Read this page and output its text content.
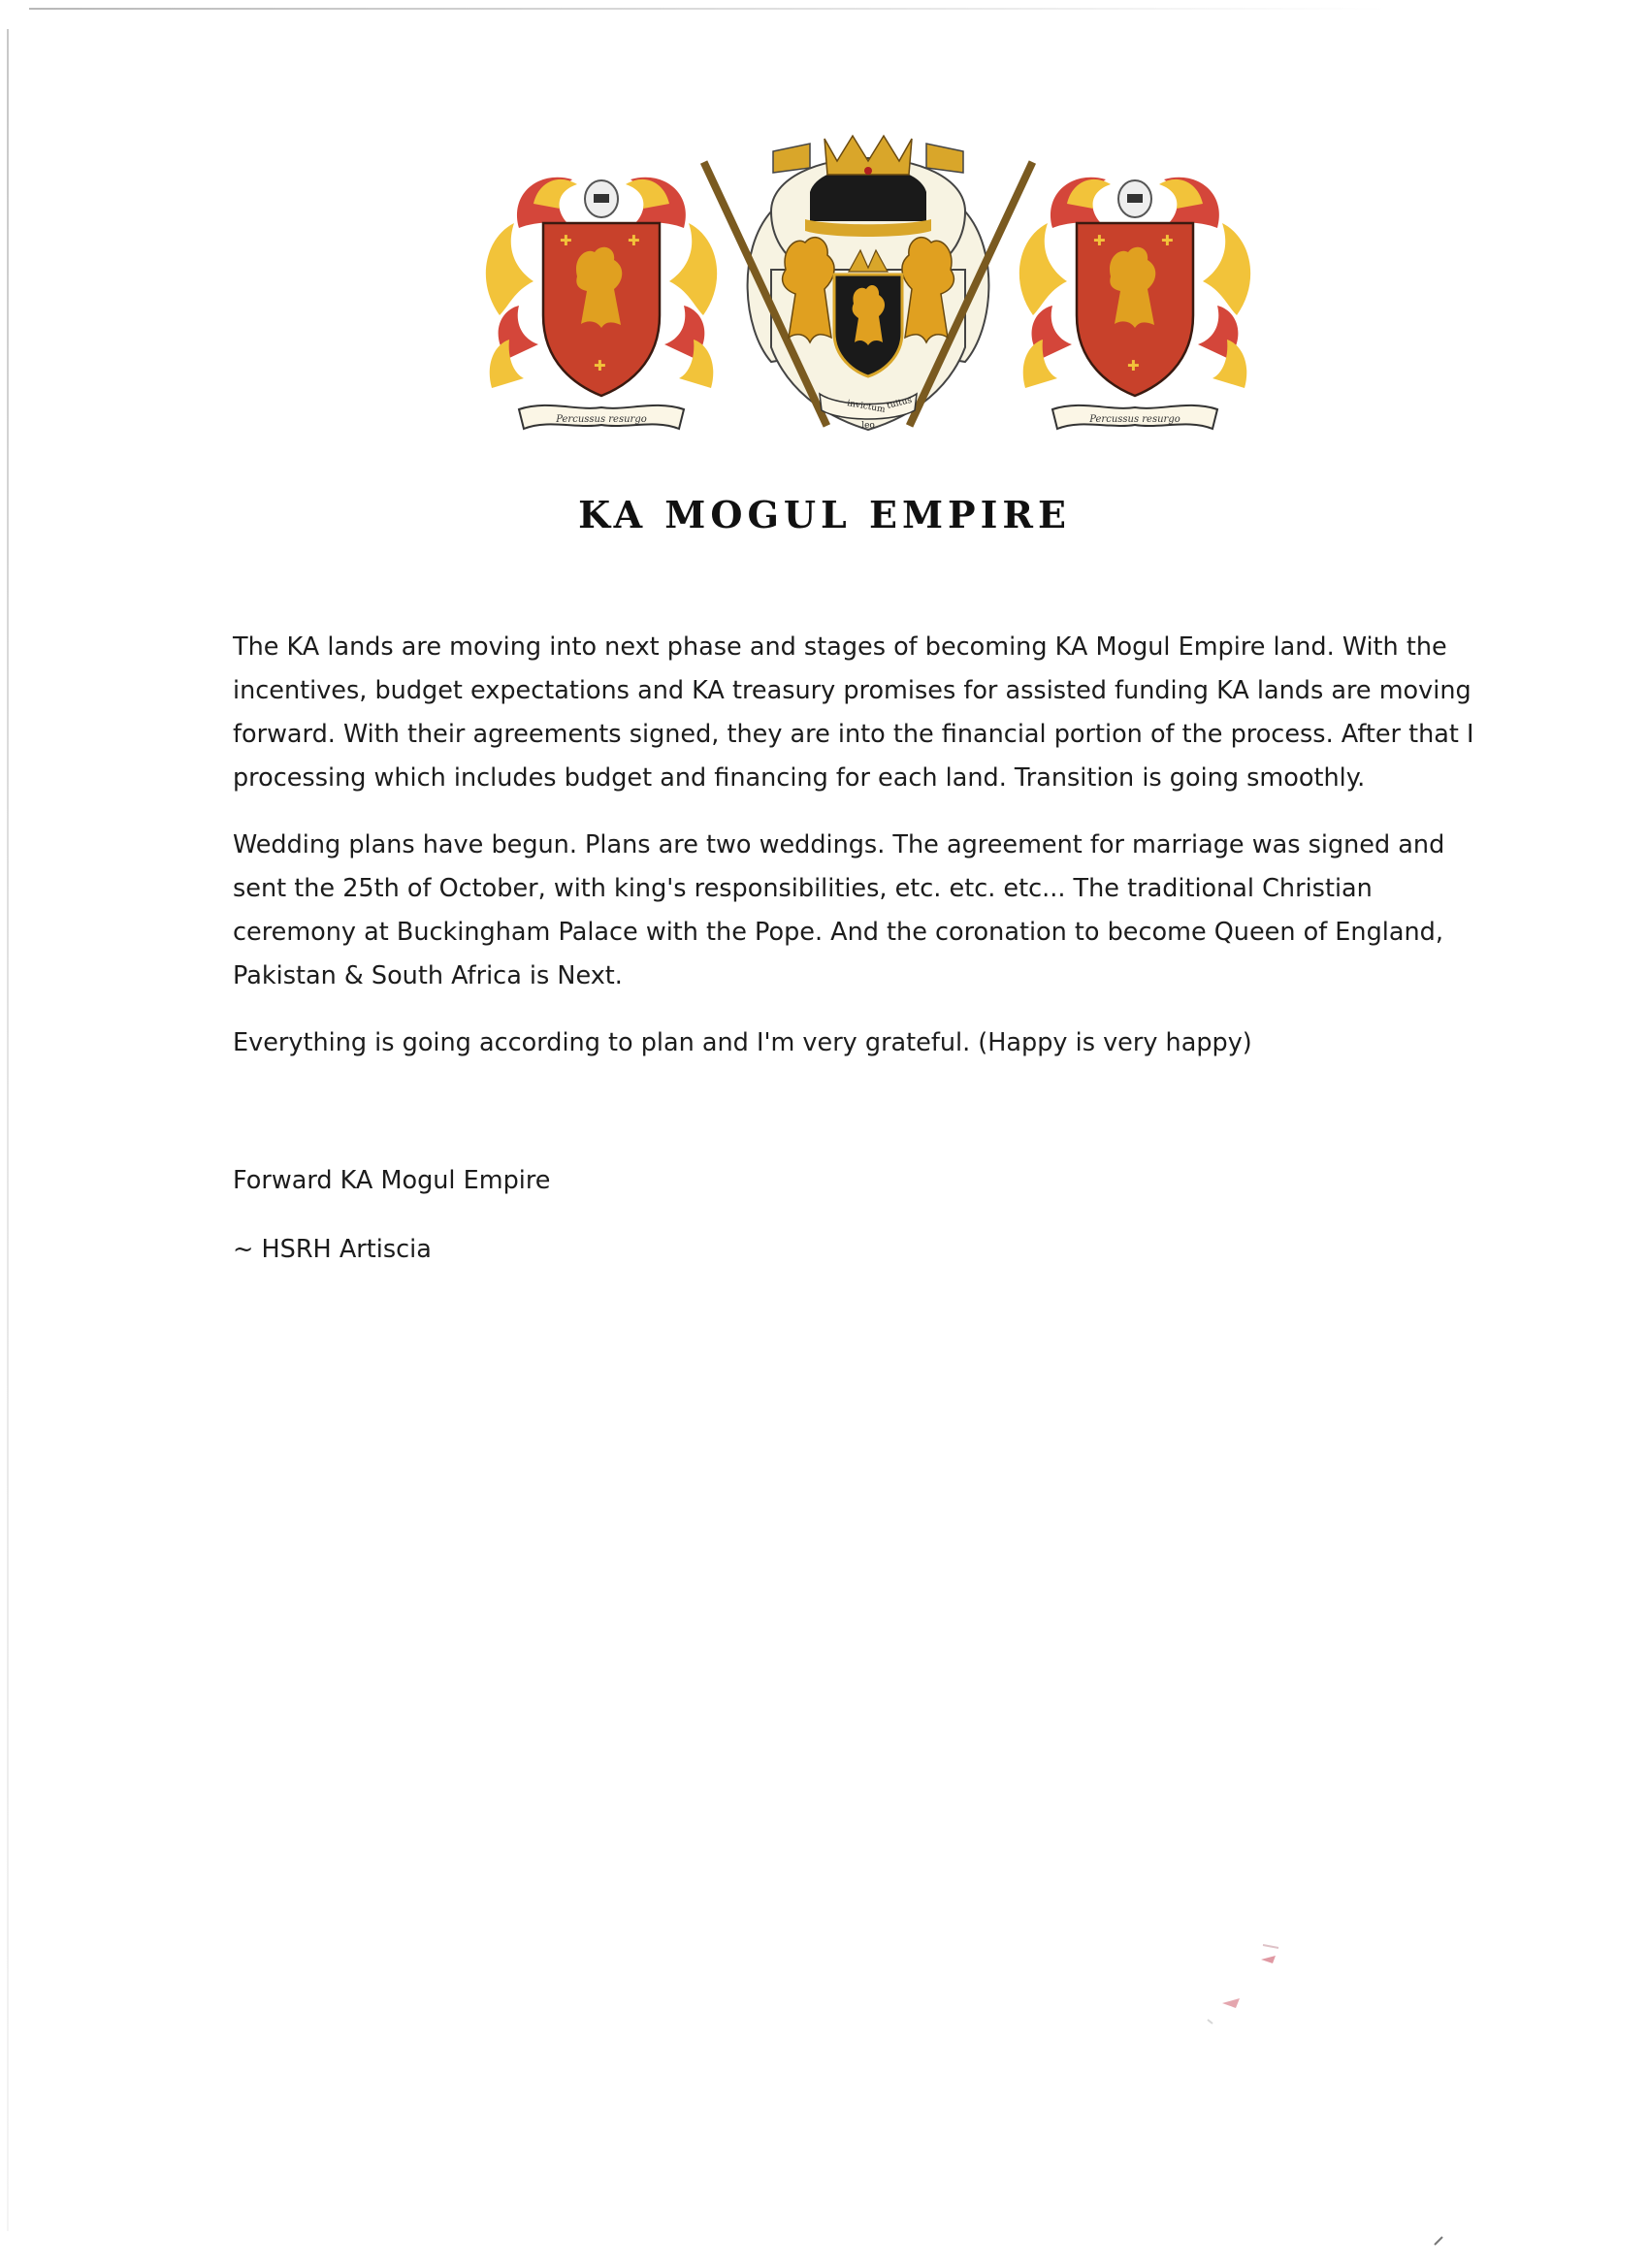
Percussus resurgo	Percussus resurgo
invictum tuitus
leo
KA MOGUL EMPIRE

The KA lands are moving into next phase and stages of becoming KA Mogul Empire land. With the incentives, budget expectations and KA treasury promises for assisted funding KA lands are moving forward. With their agreements signed, they are into the financial portion of the process. After that I processing which includes budget and financing for each land. Transition is going smoothly.

Wedding plans have begun. Plans are two weddings. The agreement for marriage was signed and sent the 25th of October, with king's responsibilities, etc. etc. etc... The traditional Christian ceremony at Buckingham Palace with the Pope. And the coronation to become Queen of England, Pakistan & South Africa is Next.

Everything is going according to plan and I'm very grateful. (Happy is very happy)

Forward KA Mogul Empire
~ HSRH Artiscia
